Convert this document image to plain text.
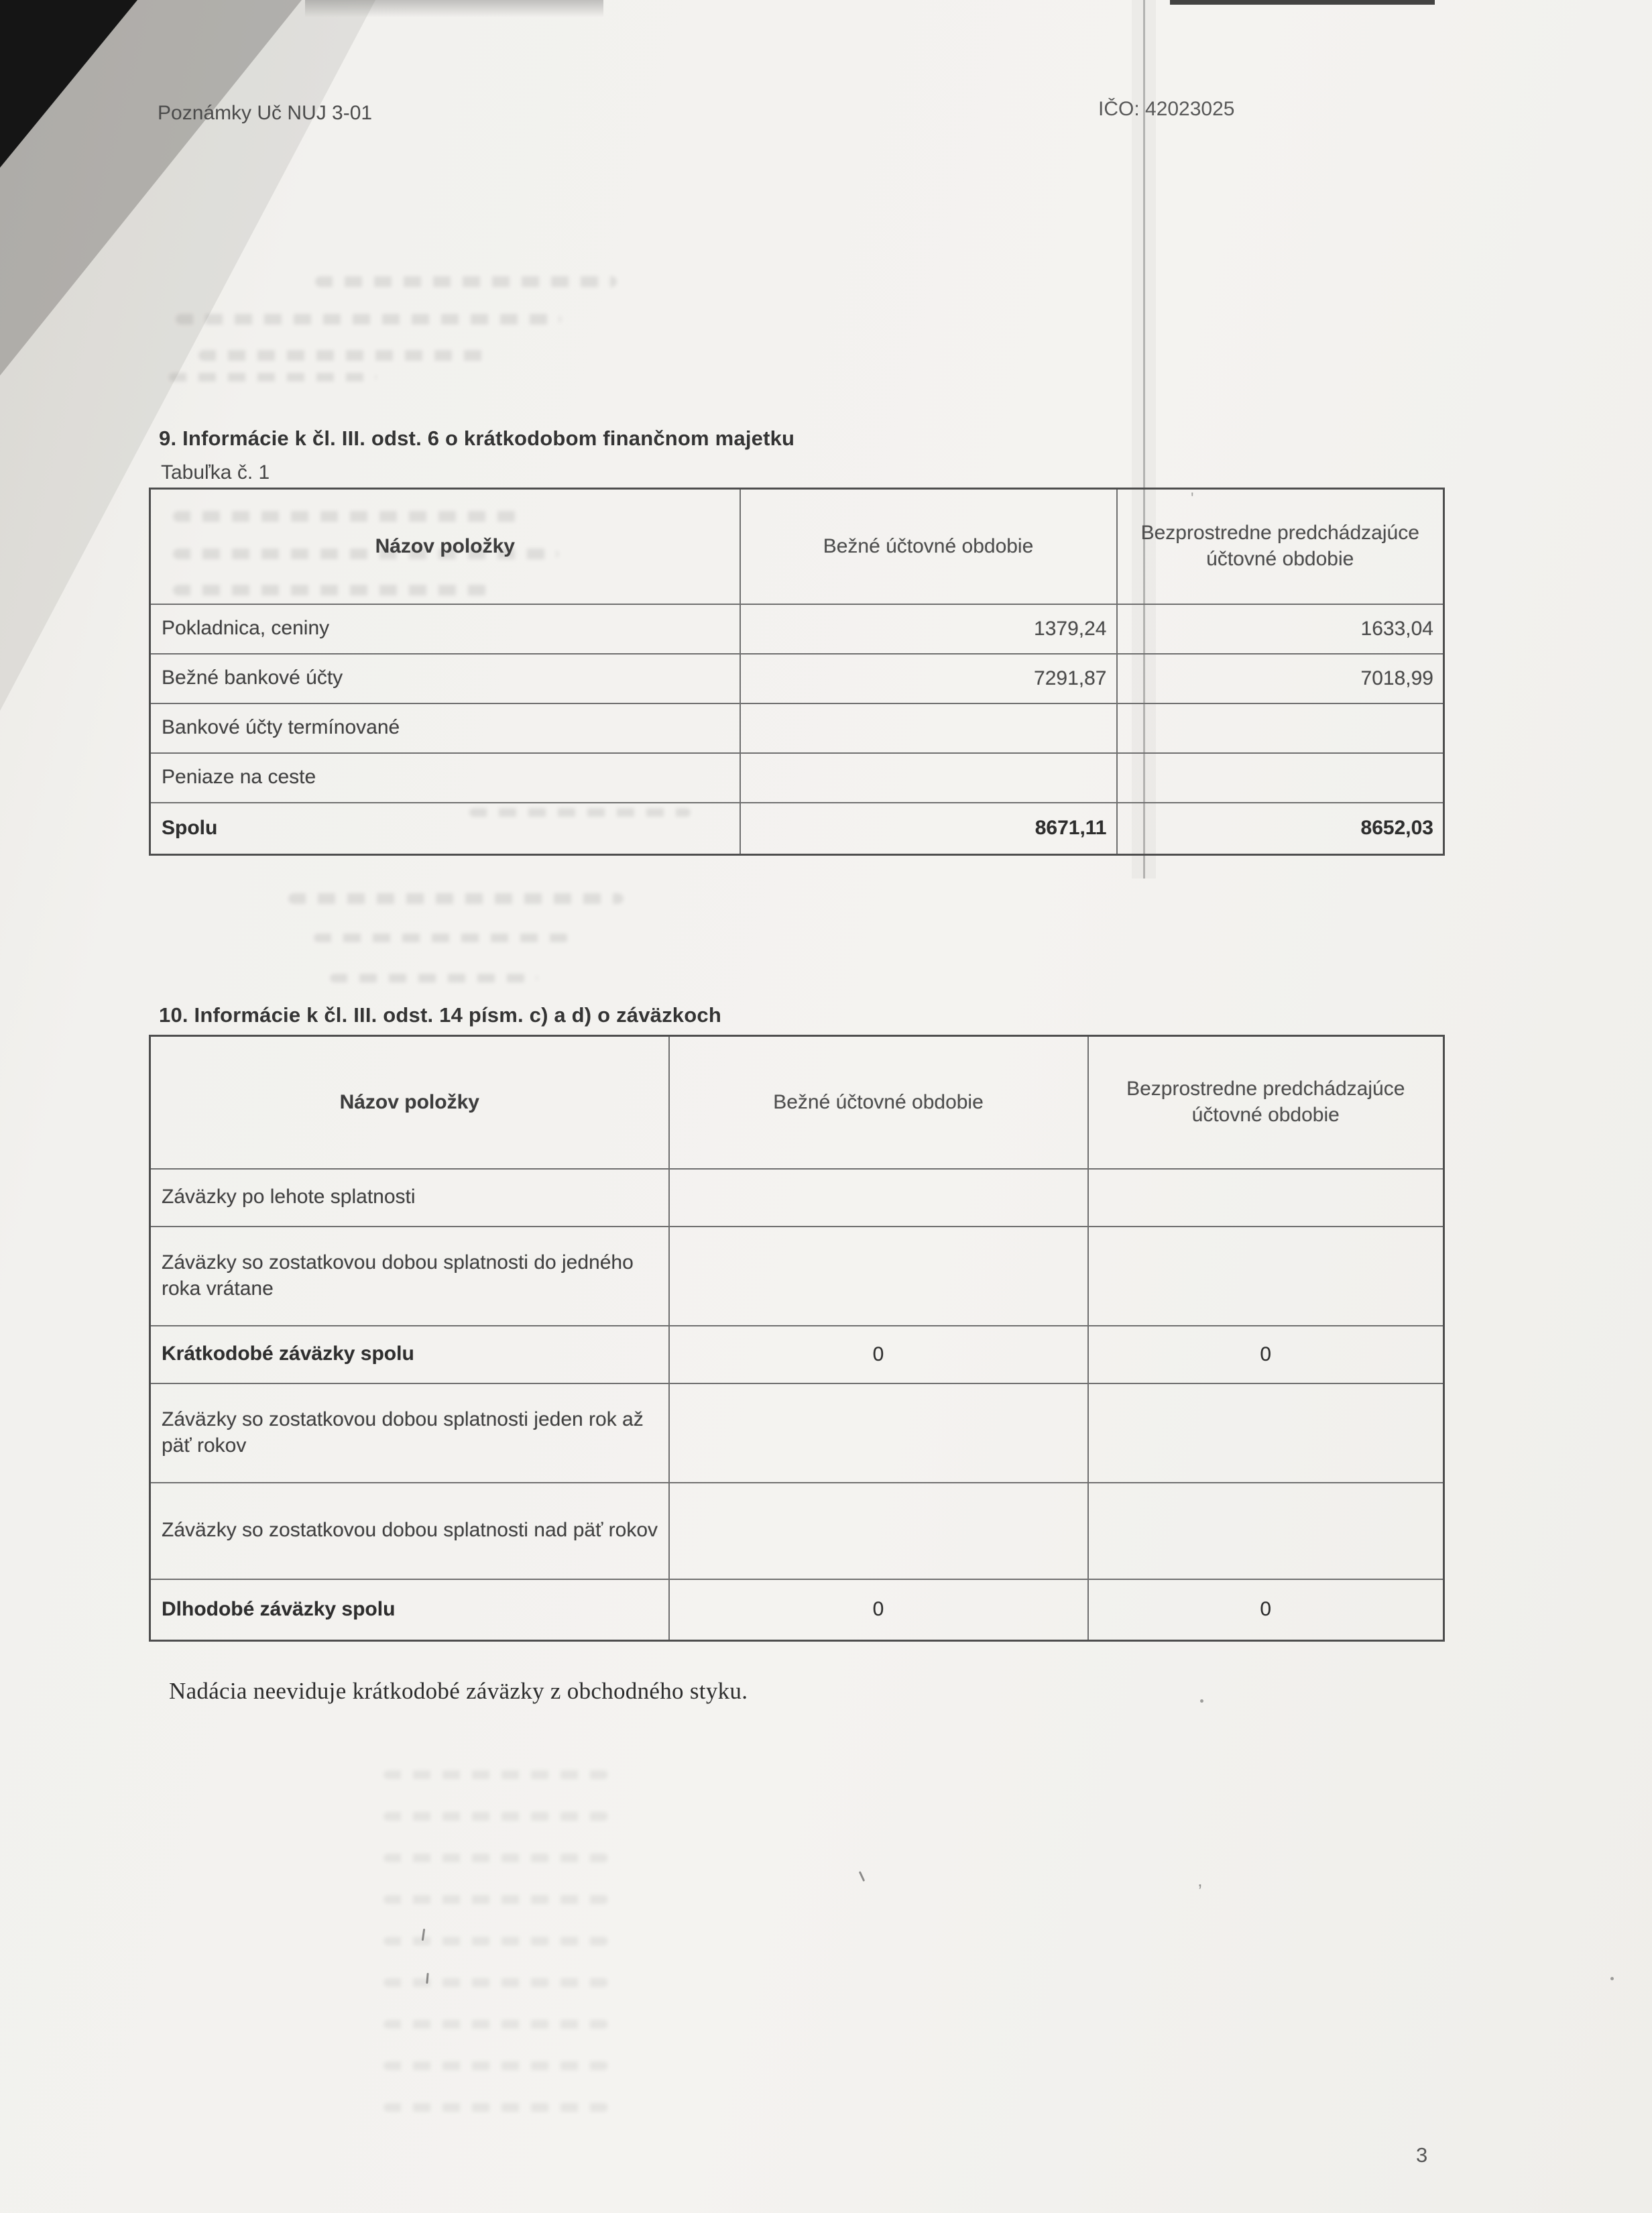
Poznámky Uč NUJ 3-01	IČO: 42023025
9. Informácie k čl. III. odst. 6 o krátkodobom finančnom majetku
Tabuľka č. 1
Názov položky	Bežné účtovné obdobie	Bezprostredne predchádzajúce účtovné obdobie
Pokladnica, ceniny	1379,24	1633,04
Bežné bankové účty	7291,87	7018,99
Bankové účty termínované		
Peniaze na ceste		
Spolu	8671,11	8652,03
10. Informácie k čl. III. odst. 14 písm. c) a d) o záväzkoch
Názov položky	Bežné účtovné obdobie	Bezprostredne predchádzajúce účtovné obdobie
Záväzky po lehote splatnosti		
Záväzky so zostatkovou dobou splatnosti do jedného roka vrátane		
Krátkodobé záväzky spolu	0	0
Záväzky so zostatkovou dobou splatnosti jeden rok až päť rokov		
Záväzky so zostatkovou dobou splatnosti nad päť rokov		
Dlhodobé záväzky spolu	0	0
Nadácia neeviduje krátkodobé záväzky z obchodného styku.
3
'
,
